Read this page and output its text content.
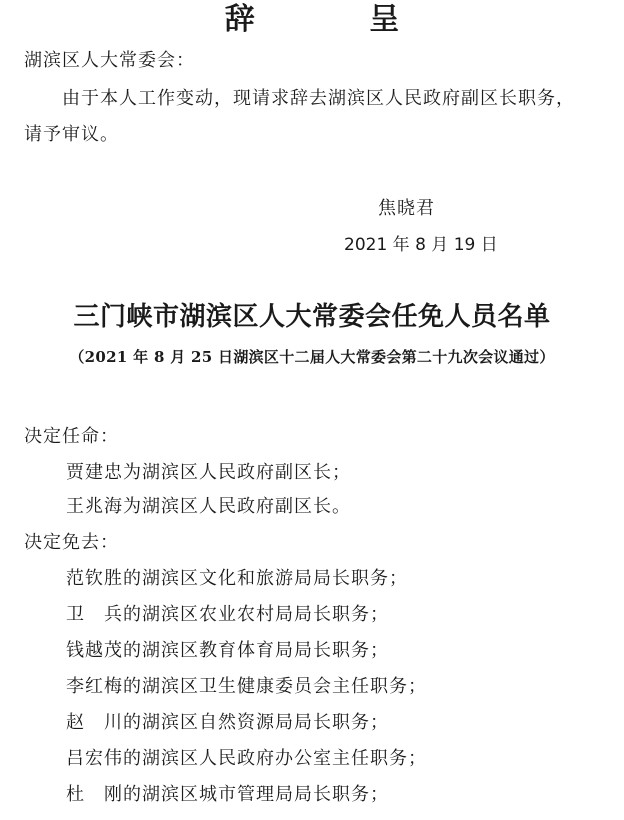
辞 呈
湖滨区人大常委会：
由于本人工作变动，现请求辞去湖滨区人民政府副区长职务，
请予审议。
焦晓君
2021 年 8 月 19 日
三门峡市湖滨区人大常委会任免人员名单
（2021 年 8 月 25 日湖滨区十二届人大常委会第二十九次会议通过）
决定任命：
贾建忠为湖滨区人民政府副区长；
王兆海为湖滨区人民政府副区长。
决定免去：
范钦胜的湖滨区文化和旅游局局长职务；
卫　兵的湖滨区农业农村局局长职务；
钱越茂的湖滨区教育体育局局长职务；
李红梅的湖滨区卫生健康委员会主任职务；
赵　川的湖滨区自然资源局局长职务；
吕宏伟的湖滨区人民政府办公室主任职务；
杜　刚的湖滨区城市管理局局长职务；
